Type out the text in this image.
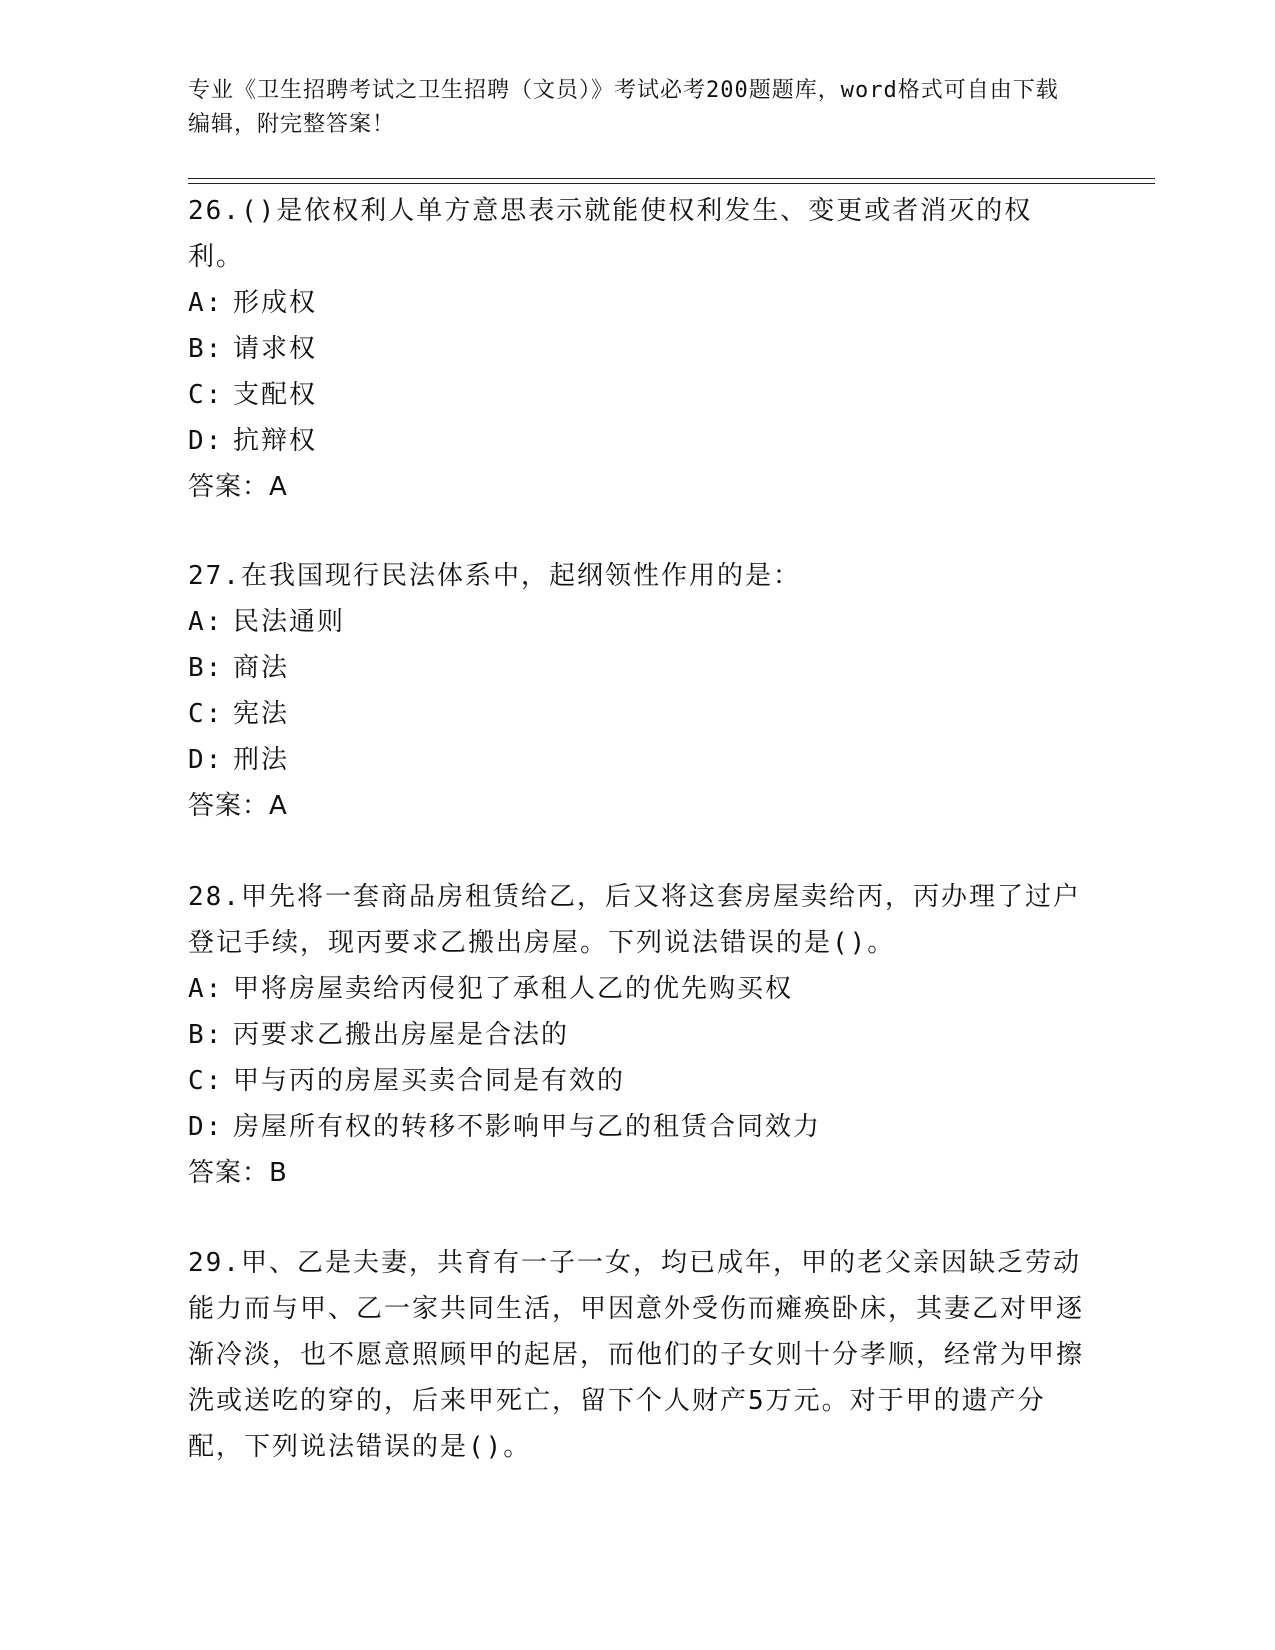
专业《卫生招聘考试之卫生招聘（文员）》考试必考200题题库，word格式可自由下载编辑，附完整答案！

26.()是依权利人单方意思表示就能使权利发生、变更或者消灭的权利。

A: 形成权

B: 请求权

C: 支配权

D: 抗辩权

答案：A

27.在我国现行民法体系中，起纲领性作用的是：

A: 民法通则

B: 商法

C: 宪法

D: 刑法

答案：A

28.甲先将一套商品房租赁给乙，后又将这套房屋卖给丙，丙办理了过户登记手续，现丙要求乙搬出房屋。下列说法错误的是()。

A: 甲将房屋卖给丙侵犯了承租人乙的优先购买权

B: 丙要求乙搬出房屋是合法的

C: 甲与丙的房屋买卖合同是有效的

D: 房屋所有权的转移不影响甲与乙的租赁合同效力

答案：B

29.甲、乙是夫妻，共育有一子一女，均已成年，甲的老父亲因缺乏劳动能力而与甲、乙一家共同生活，甲因意外受伤而瘫痪卧床，其妻乙对甲逐渐冷淡，也不愿意照顾甲的起居，而他们的子女则十分孝顺，经常为甲擦洗或送吃的穿的，后来甲死亡，留下个人财产5万元。对于甲的遗产分配，下列说法错误的是()。
